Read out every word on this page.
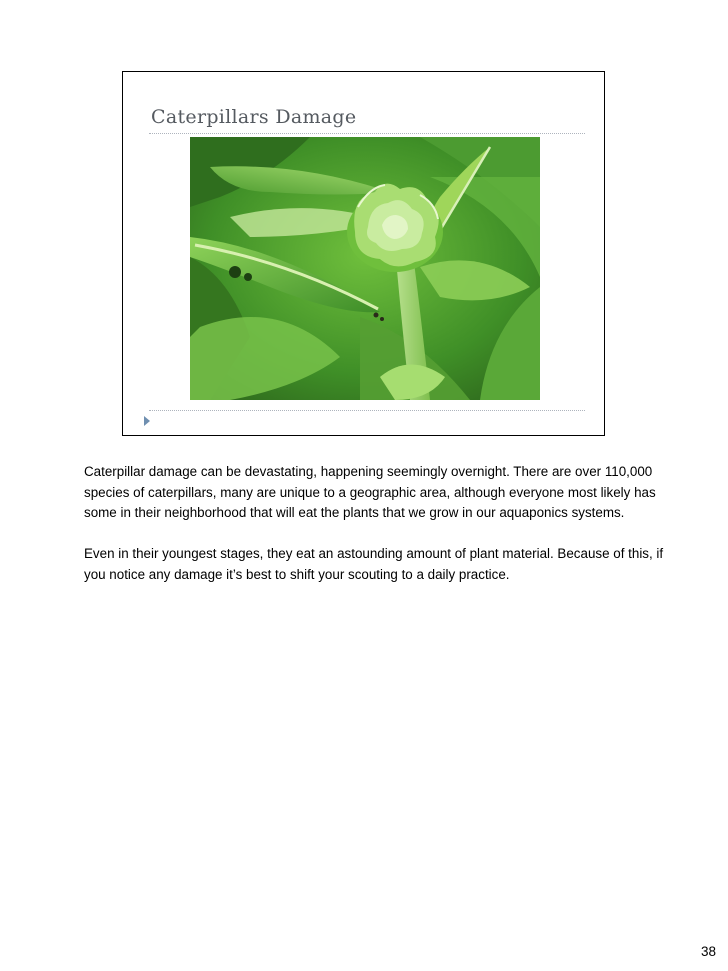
Caterpillars Damage

Caterpillar damage can be devastating, happening seemingly overnight. There are over 110,000 species of caterpillars, many are unique to a geographic area, although everyone most likely has some in their neighborhood that will eat the plants that we grow in our aquaponics systems.

Even in their youngest stages, they eat an astounding amount of plant material. Because of this, if you notice any damage it’s best to shift your scouting to a daily practice.

38
